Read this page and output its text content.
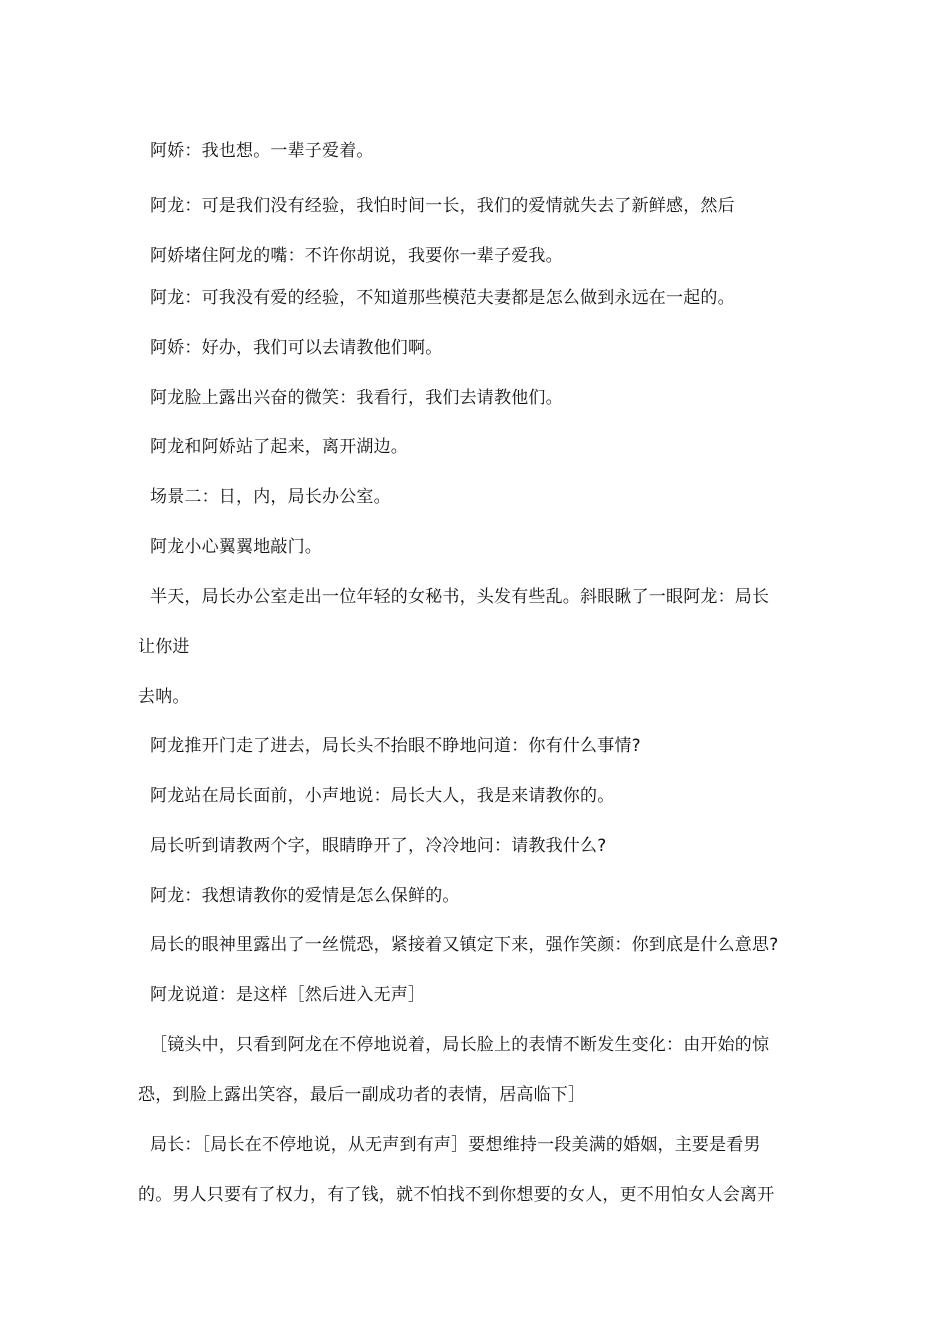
阿娇：我也想。一辈子爱着。
阿龙：可是我们没有经验，我怕时间一长，我们的爱情就失去了新鲜感，然后
阿娇堵住阿龙的嘴：不许你胡说，我要你一辈子爱我。
阿龙：可我没有爱的经验，不知道那些模范夫妻都是怎么做到永远在一起的。
阿娇：好办，我们可以去请教他们啊。
阿龙脸上露出兴奋的微笑：我看行，我们去请教他们。
阿龙和阿娇站了起来，离开湖边。
场景二：日，内，局长办公室。
阿龙小心翼翼地敲门。
半天，局长办公室走出一位年轻的女秘书，头发有些乱。斜眼瞅了一眼阿龙：局长
让你进
去呐。
阿龙推开门走了进去，局长头不抬眼不睁地问道：你有什么事情?
阿龙站在局长面前，小声地说：局长大人，我是来请教你的。
局长听到请教两个字，眼睛睁开了，冷冷地问：请教我什么?
阿龙：我想请教你的爱情是怎么保鲜的。
局长的眼神里露出了一丝慌恐，紧接着又镇定下来，强作笑颜：你到底是什么意思?
阿龙说道：是这样［然后进入无声］
［镜头中，只看到阿龙在不停地说着，局长脸上的表情不断发生变化：由开始的惊
恐，到脸上露出笑容，最后一副成功者的表情，居高临下］
局长：［局长在不停地说，从无声到有声］要想维持一段美满的婚姻，主要是看男
的。男人只要有了权力，有了钱，就不怕找不到你想要的女人，更不用怕女人会离开
